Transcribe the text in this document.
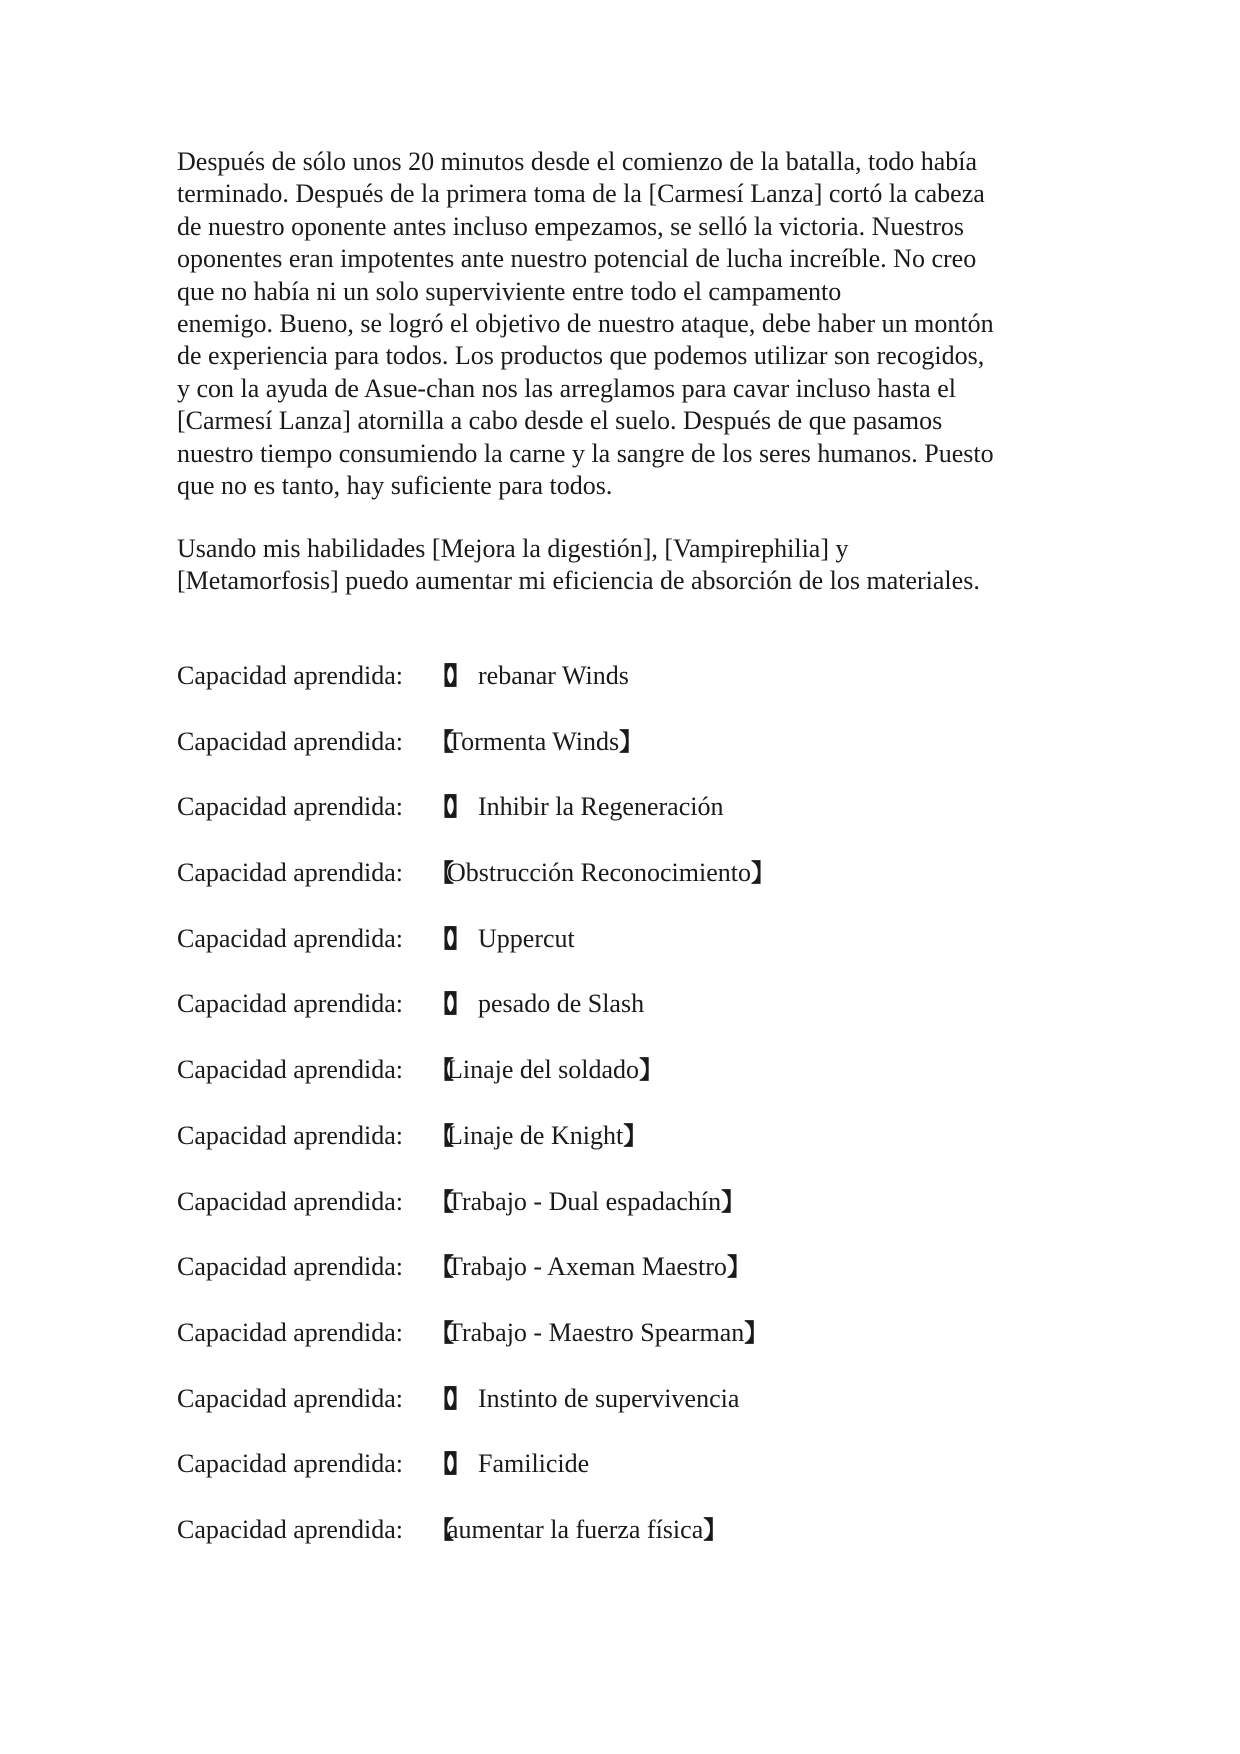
Después de sólo unos 20 minutos desde el comienzo de la batalla, todo había
terminado. Después de la primera toma de la [Carmesí Lanza] cortó la cabeza
de nuestro oponente antes incluso empezamos, se selló la victoria. Nuestros
oponentes eran impotentes ante nuestro potencial de lucha increíble. No creo
que no había ni un solo superviviente entre todo el campamento
enemigo. Bueno, se logró el objetivo de nuestro ataque, debe haber un montón
de experiencia para todos. Los productos que podemos utilizar son recogidos,
y con la ayuda de Asue-chan nos las arreglamos para cavar incluso hasta el
[Carmesí Lanza] atornilla a cabo desde el suelo. Después de que pasamos
nuestro tiempo consumiendo la carne y la sangre de los seres humanos. Puesto
que no es tanto, hay suficiente para todos.
Usando mis habilidades [Mejora la digestión], [Vampirephilia] y
[Metamorfosis] puedo aumentar mi eficiencia de absorción de los materiales.
Capacidad aprendida: 【】 rebanar Winds
Capacidad aprendida: 【Tormenta Winds】
Capacidad aprendida: 【】 Inhibir la Regeneración
Capacidad aprendida: 【Obstrucción Reconocimiento】
Capacidad aprendida: 【】 Uppercut
Capacidad aprendida: 【】 pesado de Slash
Capacidad aprendida: 【Linaje del soldado】
Capacidad aprendida: 【Linaje de Knight】
Capacidad aprendida: 【Trabajo - Dual espadachín】
Capacidad aprendida: 【Trabajo - Axeman Maestro】
Capacidad aprendida: 【Trabajo - Maestro Spearman】
Capacidad aprendida: 【】 Instinto de supervivencia
Capacidad aprendida: 【】 Familicide
Capacidad aprendida: 【aumentar la fuerza física】
